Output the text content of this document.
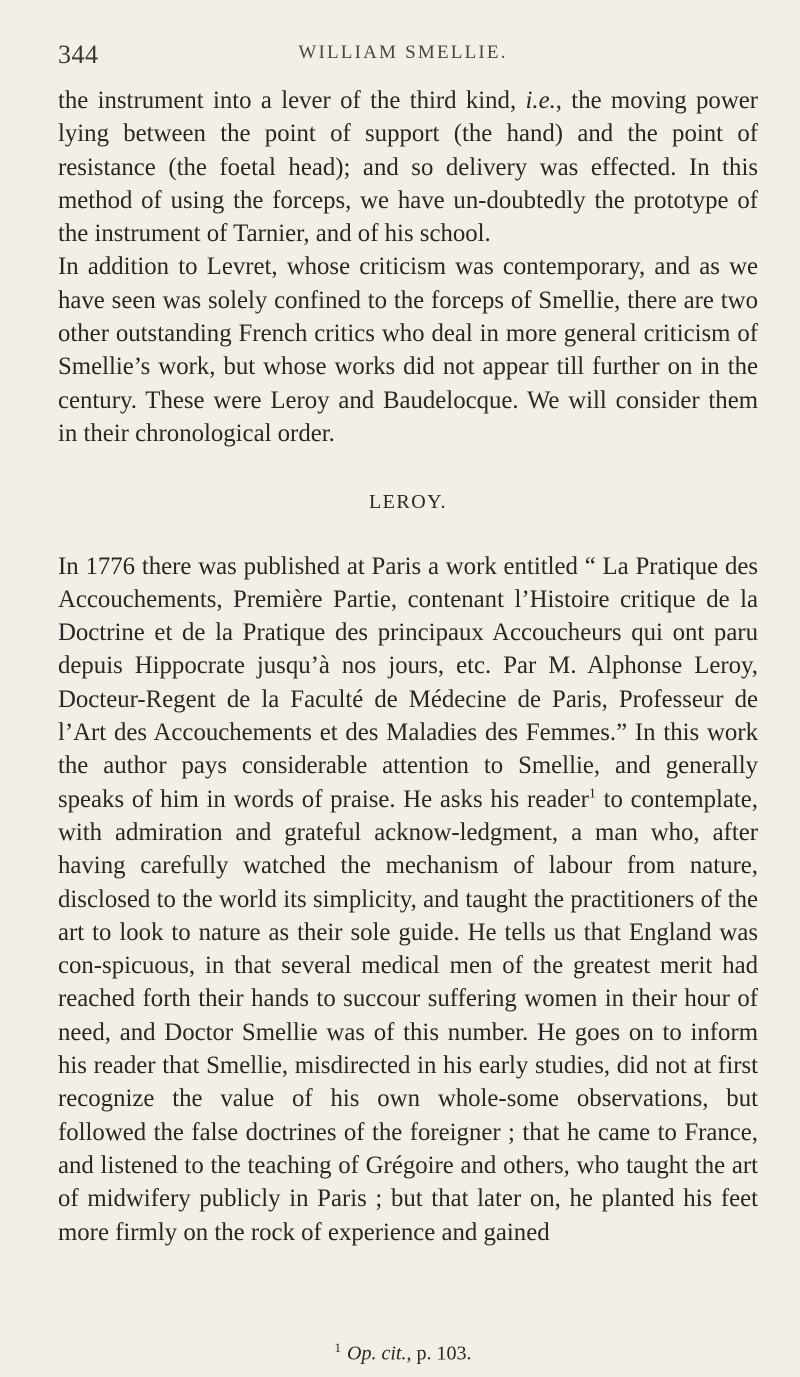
344	WILLIAM SMELLIE.

the instrument into a lever of the third kind, i.e., the moving power lying between the point of support (the hand) and the point of resistance (the foetal head); and so delivery was effected. In this method of using the forceps, we have un-doubtedly the prototype of the instrument of Tarnier, and of his school.

In addition to Levret, whose criticism was contemporary, and as we have seen was solely confined to the forceps of Smellie, there are two other outstanding French critics who deal in more general criticism of Smellie’s work, but whose works did not appear till further on in the century. These were Leroy and Baudelocque. We will consider them in their chronological order.

LEROY.

In 1776 there was published at Paris a work entitled “ La Pratique des Accouchements, Première Partie, contenant l’Histoire critique de la Doctrine et de la Pratique des principaux Accoucheurs qui ont paru depuis Hippocrate jusqu’à nos jours, etc. Par M. Alphonse Leroy, Docteur-Regent de la Faculté de Médecine de Paris, Professeur de l’Art des Accouchements et des Maladies des Femmes.” In this work the author pays considerable attention to Smellie, and generally speaks of him in words of praise. He asks his reader$^1$ to contemplate, with admiration and grateful acknow-ledgment, a man who, after having carefully watched the mechanism of labour from nature, disclosed to the world its simplicity, and taught the practitioners of the art to look to nature as their sole guide. He tells us that England was con-spicuous, in that several medical men of the greatest merit had reached forth their hands to succour suffering women in their hour of need, and Doctor Smellie was of this number. He goes on to inform his reader that Smellie, misdirected in his early studies, did not at first recognize the value of his own whole-some observations, but followed the false doctrines of the foreigner ; that he came to France, and listened to the teaching of Grégoire and others, who taught the art of midwifery publicly in Paris ; but that later on, he planted his feet more firmly on the rock of experience and gained

$^1$ Op. cit., p. 103.
